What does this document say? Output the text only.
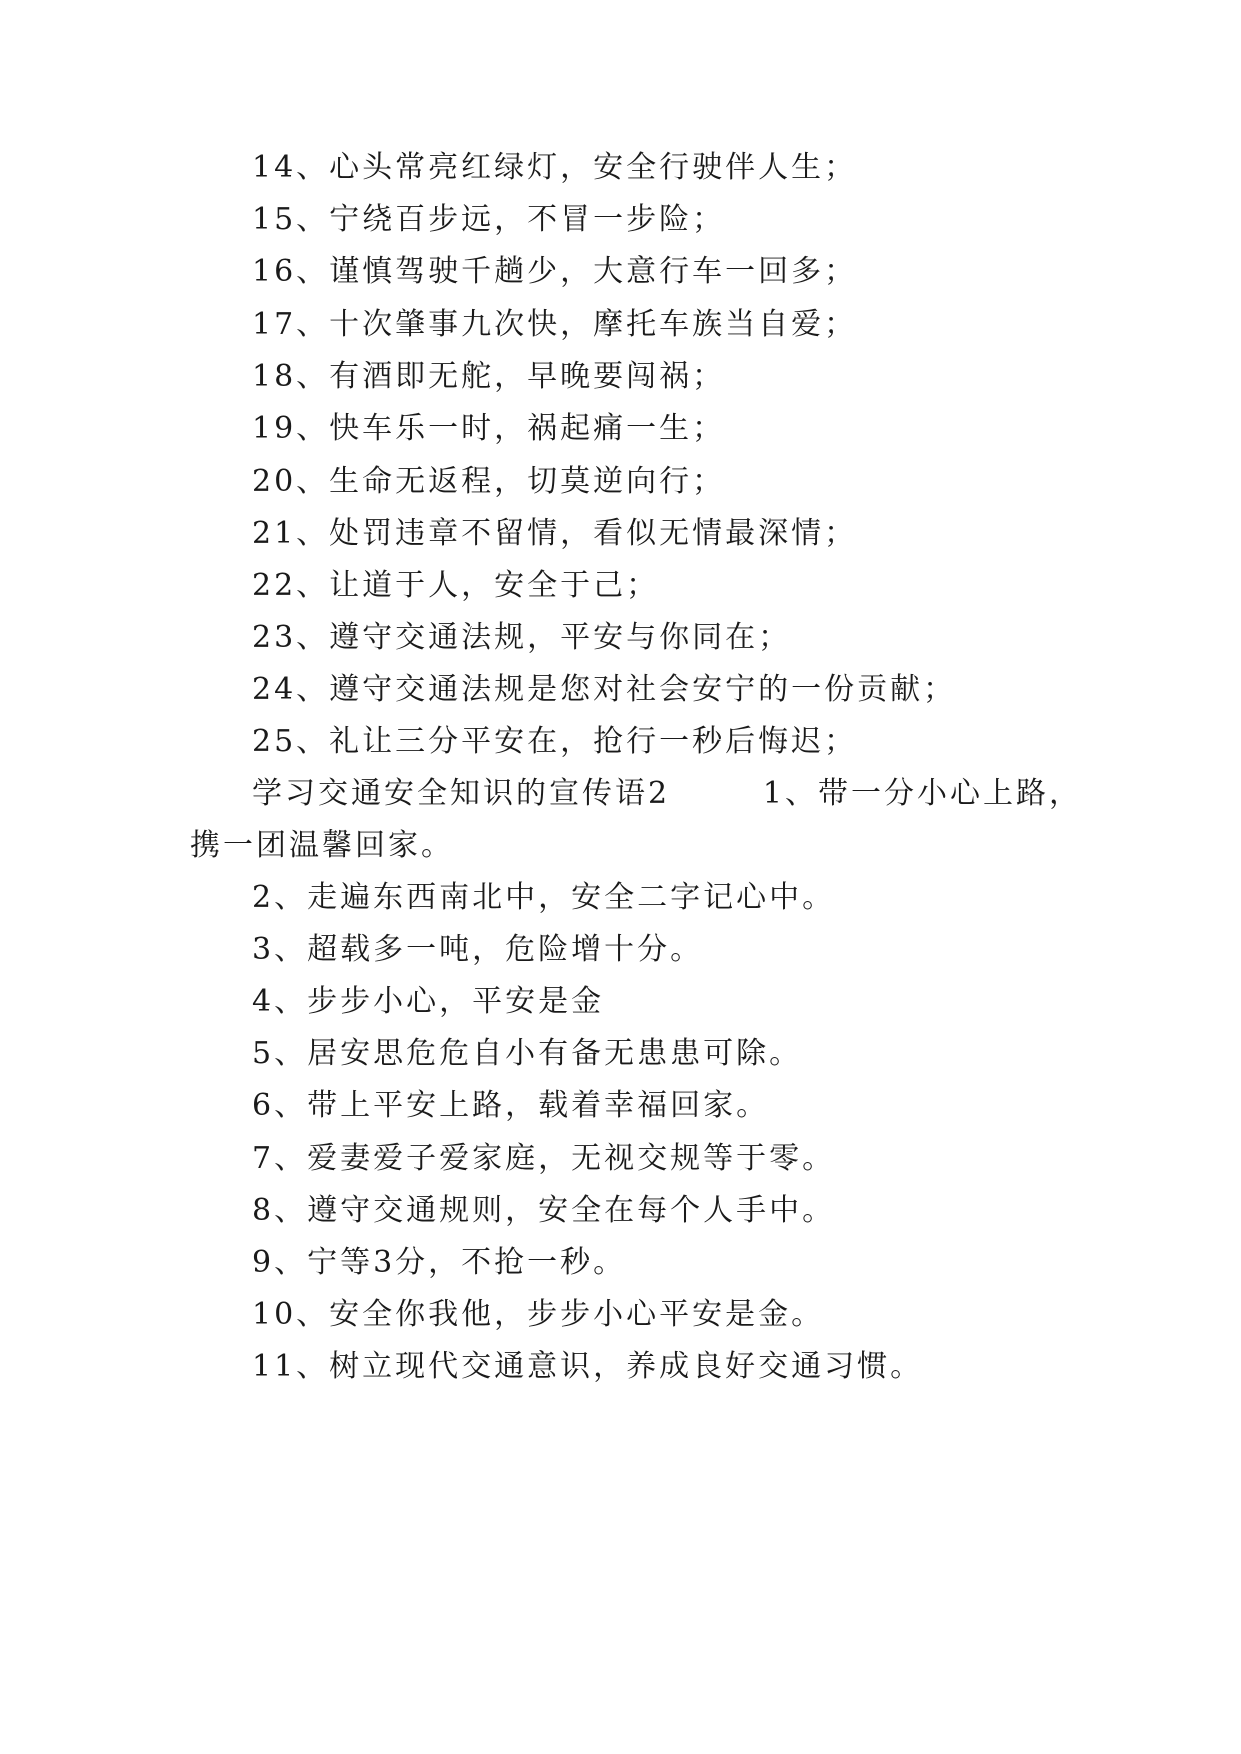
14、心头常亮红绿灯，安全行驶伴人生；
15、宁绕百步远，不冒一步险；
16、谨慎驾驶千趟少，大意行车一回多；
17、十次肇事九次快，摩托车族当自爱；
18、有酒即无舵，早晚要闯祸；
19、快车乐一时，祸起痛一生；
20、生命无返程，切莫逆向行；
21、处罚违章不留情，看似无情最深情；
22、让道于人，安全于己；
23、遵守交通法规，平安与你同在；
24、遵守交通法规是您对社会安宁的一份贡献；
25、礼让三分平安在，抢行一秒后悔迟；
学习交通安全知识的宣传语2	1、带一分小心上路，
携一团温馨回家。
2、走遍东西南北中，安全二字记心中。
3、超载多一吨，危险增十分。
4、步步小心，平安是金
5、居安思危危自小有备无患患可除。
6、带上平安上路，载着幸福回家。
7、爱妻爱子爱家庭，无视交规等于零。
8、遵守交通规则，安全在每个人手中。
9、宁等3分，不抢一秒。
10、安全你我他，步步小心平安是金。
11、树立现代交通意识，养成良好交通习惯。
